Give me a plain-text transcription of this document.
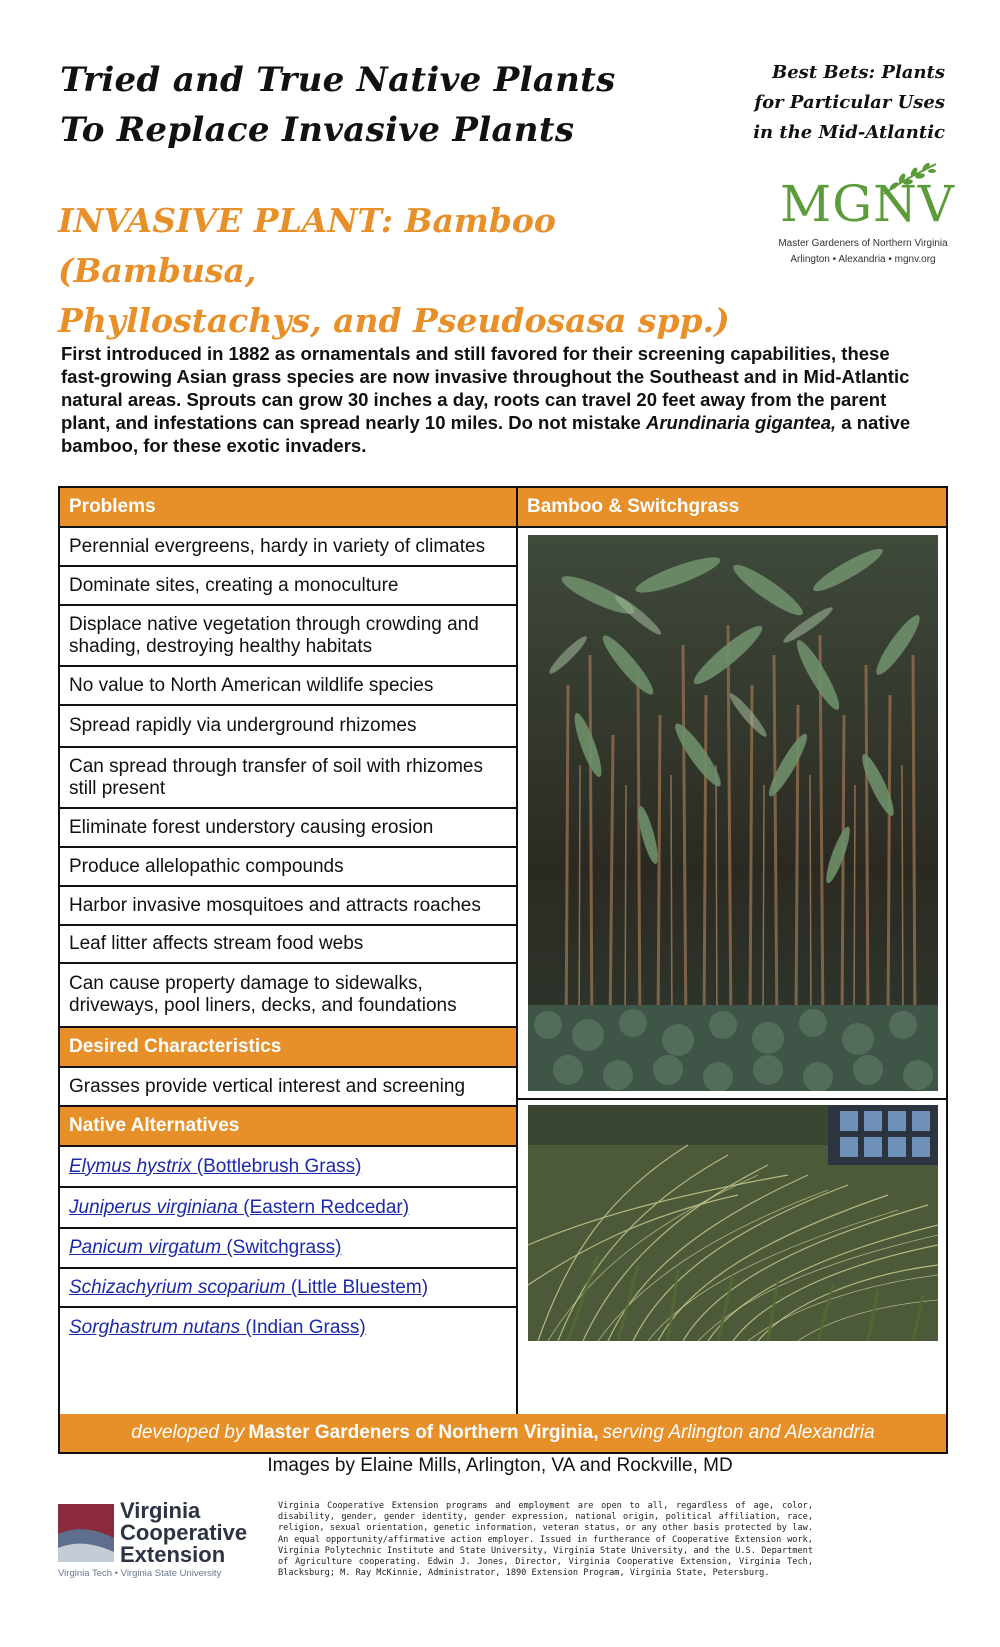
Tried and True Native Plants
To Replace Invasive Plants
Best Bets: Plants
for Particular Uses
in the Mid-Atlantic
MGNV
Master Gardeners of Northern Virginia
Arlington • Alexandria • mgnv.org
INVASIVE PLANT: Bamboo (Bambusa,
Phyllostachys, and Pseudosasa spp.)

First introduced in 1882 as ornamentals and still favored for their screening capabilities, these fast-growing Asian grass species are now invasive throughout the Southeast and in Mid-Atlantic natural areas. Sprouts can grow 30 inches a day, roots can travel 20 feet away from the parent plant, and infestations can spread nearly 10 miles. Do not mistake Arundinaria gigantea, a native bamboo, for these exotic invaders.

Problems
Perennial evergreens, hardy in variety of climates
Dominate sites, creating a monoculture
Displace native vegetation through crowding and shading, destroying healthy habitats
No value to North American wildlife species
Spread rapidly via underground rhizomes
Can spread through transfer of soil with rhizomes still present
Eliminate forest understory causing erosion
Produce allelopathic compounds
Harbor invasive mosquitoes and attracts roaches
Leaf litter affects stream food webs
Can cause property damage to sidewalks, driveways, pool liners, decks, and foundations
Desired Characteristics
Grasses provide vertical interest and screening
Native Alternatives
Elymus hystrix (Bottlebrush Grass)
Juniperus virginiana (Eastern Redcedar)
Panicum virgatum (Switchgrass)
Schizachyrium scoparium (Little Bluestem)
Sorghastrum nutans (Indian Grass)
Bamboo & Switchgrass
developed by Master Gardeners of Northern Virginia, serving Arlington and Alexandria
Images by Elaine Mills, Arlington, VA and Rockville, MD
Virginia
Cooperative
Extension
Virginia Tech • Virginia State University

Virginia Cooperative Extension programs and employment are open to all, regardless of age, color, disability, gender, gender identity, gender expression, national origin, political affiliation, race, religion, sexual orientation, genetic information, veteran status, or any other basis protected by law. An equal opportunity/affirmative action employer. Issued in furtherance of Cooperative Extension work, Virginia Polytechnic Institute and State University, Virginia State University, and the U.S. Department of Agriculture cooperating. Edwin J. Jones, Director, Virginia Cooperative Extension, Virginia Tech, Blacksburg; M. Ray McKinnie, Administrator, 1890 Extension Program, Virginia State, Petersburg.
